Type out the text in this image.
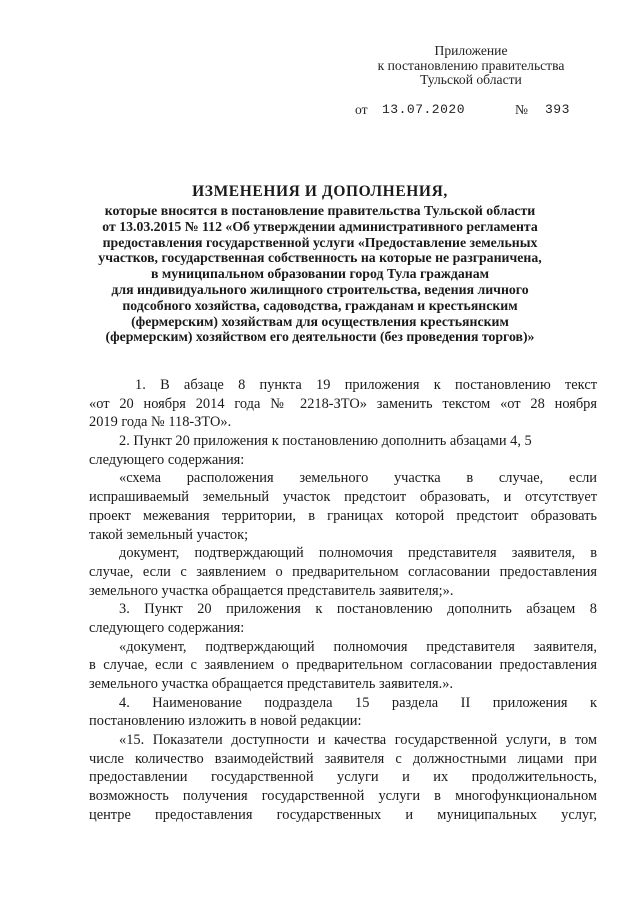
Приложение
к постановлению правительства
Тульской области
от 13.07.2020	№ 393
ИЗМЕНЕНИЯ И ДОПОЛНЕНИЯ,
которые вносятся в постановление правительства Тульской области
от 13.03.2015 № 112 «Об утверждении административного регламента
предоставления государственной услуги «Предоставление земельных
участков, государственная собственность на которые не разграничена,
в муниципальном образовании город Тула гражданам
для индивидуального жилищного строительства, ведения личного
подсобного хозяйства, садоводства, гражданам и крестьянским
(фермерским) хозяйствам для осуществления крестьянским
(фермерским) хозяйством его деятельности (без проведения торгов)»
1. В абзаце 8 пункта 19 приложения к постановлению текст
«от 20 ноября 2014 года № 2218-ЗТО» заменить текстом «от 28 ноября
2019 года № 118-ЗТО».
2. Пункт 20 приложения к постановлению дополнить абзацами 4, 5
следующего содержания:
«схема расположения земельного участка в случае, если
испрашиваемый земельный участок предстоит образовать, и отсутствует
проект межевания территории, в границах которой предстоит образовать
такой земельный участок;
документ, подтверждающий полномочия представителя заявителя, в
случае, если с заявлением о предварительном согласовании предоставления
земельного участка обращается представитель заявителя;».
3. Пункт 20 приложения к постановлению дополнить абзацем 8
следующего содержания:
«документ, подтверждающий полномочия представителя заявителя,
в случае, если с заявлением о предварительном согласовании предоставления
земельного участка обращается представитель заявителя.».
4. Наименование подраздела 15 раздела II приложения к
постановлению изложить в новой редакции:
«15. Показатели доступности и качества государственной услуги, в том
числе количество взаимодействий заявителя с должностными лицами при
предоставлении государственной услуги и их продолжительность,
возможность получения государственной услуги в многофункциональном
центре предоставления государственных и муниципальных услуг,
